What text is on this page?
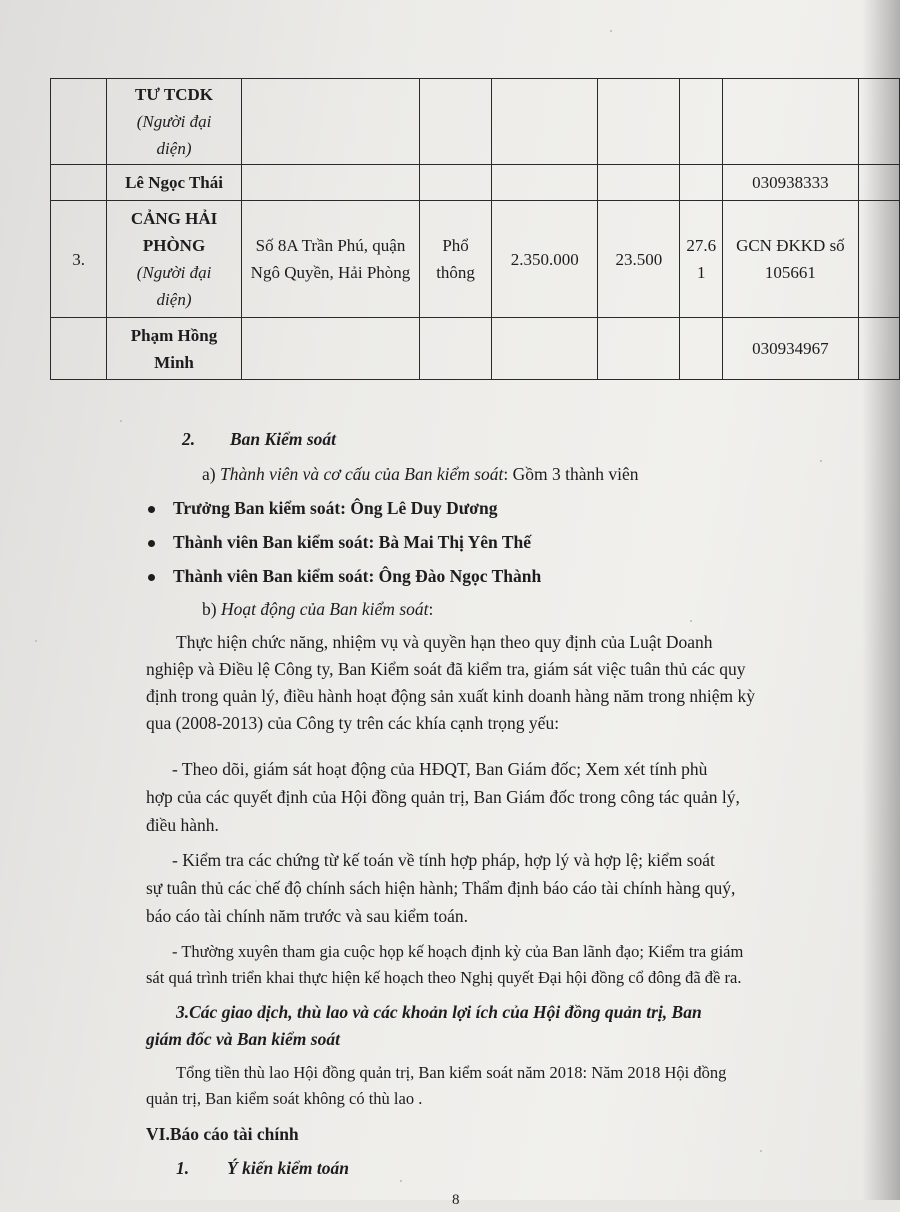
	TƯ TCDK
(Người đại
diện)							

	Lê Ngọc Thái						030938333	
3.	CẢNG HẢI
PHÒNG
(Người đại
diện)	Số 8A Trần Phú, quận Ngô Quyền, Hải Phòng	Phổ thông	2.350.000	23.500	27.6 1	GCN ĐKKD số 105661	

	Phạm Hồng
Minh						030934967	
2. Ban Kiểm soát
a) Thành viên và cơ cấu của Ban kiểm soát: Gồm 3 thành viên
Trưởng Ban kiểm soát: Ông Lê Duy Dương
Thành viên Ban kiểm soát: Bà Mai Thị Yên Thế
Thành viên Ban kiểm soát: Ông Đào Ngọc Thành
b) Hoạt động của Ban kiểm soát:
Thực hiện chức năng, nhiệm vụ và quyền hạn theo quy định của Luật Doanh
nghiệp và Điều lệ Công ty, Ban Kiểm soát đã kiểm tra, giám sát việc tuân thủ các quy
định trong quản lý, điều hành hoạt động sản xuất kinh doanh hàng năm trong nhiệm kỳ
qua (2008-2013) của Công ty trên các khía cạnh trọng yếu:
- Theo dõi, giám sát hoạt động của HĐQT, Ban Giám đốc; Xem xét tính phù
hợp của các quyết định của Hội đồng quản trị, Ban Giám đốc trong công tác quản lý,
điều hành.
- Kiểm tra các chứng từ kế toán về tính hợp pháp, hợp lý và hợp lệ; kiểm soát
sự tuân thủ các chế độ chính sách hiện hành; Thẩm định báo cáo tài chính hàng quý,
báo cáo tài chính năm trước và sau kiểm toán.
- Thường xuyên tham gia cuộc họp kế hoạch định kỳ của Ban lãnh đạo; Kiểm tra giám
sát quá trình triển khai thực hiện kế hoạch theo Nghị quyết Đại hội đồng cổ đông đã đề ra.
3.Các giao dịch, thù lao và các khoản lợi ích của Hội đồng quản trị, Ban
giám đốc và Ban kiểm soát
Tổng tiền thù lao Hội đồng quản trị, Ban kiểm soát năm 2018: Năm 2018 Hội đồng
quản trị, Ban kiểm soát không có thù lao .
VI.Báo cáo tài chính
1. Ý kiến kiểm toán
8
